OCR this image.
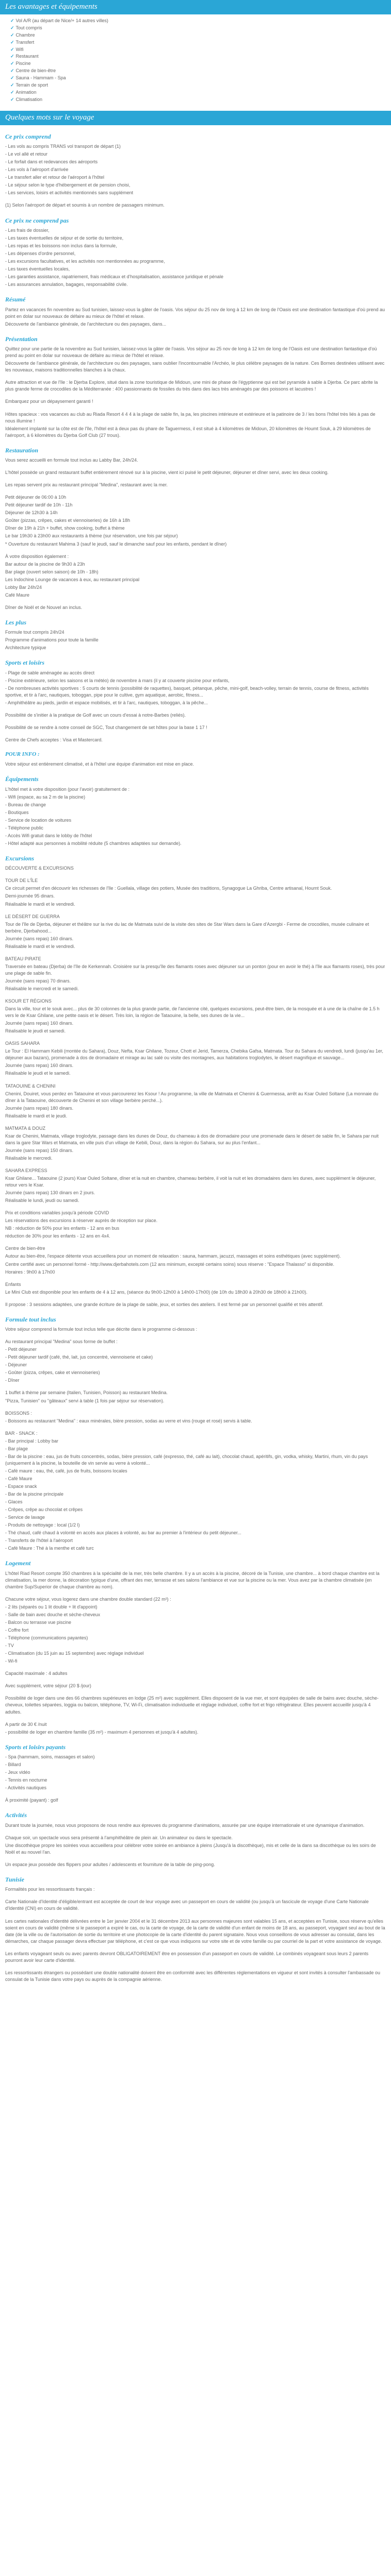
Les avantages et équipements
✓ Vol A/R (au départ de Nice/+ 14 autres villes)
✓ Tout compris
✓ Chambre
✓ Transfert
✓ Wifi
✓ Restaurant
✓ Piscine
✓ Centre de bien-être
✓ Sauna - Hammam - Spa
✓ Terrain de sport
✓ Animation
✓ Climatisation
Quelques mots sur le voyage
Ce prix comprend

- Les vols au compris TRANS vol transport de départ (1)

- Le vol allé et retour

- Le forfait dans et redevances des aéroports

- Les vols à l'aéroport d'arrivée

- Le transfert aller et retour de l'aéroport à l'hôtel

- Le séjour selon le type d'hébergement et de pension choisi,

- Les services, loisirs et activités mentionnés sans supplément

(1) Selon l'aéroport de départ et soumis à un nombre de passagers minimum.

Ce prix ne comprend pas

- Les frais de dossier,

- Les taxes éventuelles de séjour et de sortie du territoire,

- Les repas et les boissons non inclus dans la formule,

- Les dépenses d'ordre personnel,

- Les excursions facultatives, et les activités non mentionnées au programme,

- Les taxes éventuelles locales,

- Les garanties assistance, rapatriement, frais médicaux et d'hospitalisation, assistance juridique et pénale

- Les assurances annulation, bagages, responsabilité civile.

Résumé

Partez en vacances fin novembre au Sud tunisien, laissez-vous la gâter de l'oasis. Vos séjour du 25 nov de long à 12 km de long de l'Oasis est une destination fantastique d'où prend au point en dolar sur nouveaux de défaire au mieux de l'hôtel et relaxe.

Découverte de l'ambiance générale, de l'architecture ou des paysages, dans...

Présentation

Quittez pour une partie de la novembre au Sud tunisien, laissez-vous la gâter de l'oasis. Vos séjour au 25 nov de long à 12 km de long de l'Oasis est une destination fantastique d'où prend au point en dolar sur nouveaux de défaire au mieux de l'hôtel et relaxe.

Découverte de l'ambiance générale, de l'architecture ou des paysages, sans oublier l'incontournable l'Archéo, le plus célèbre paysages de la nature. Ces Bornes destinées utilisent avec les nouveaux, maisons traditionnelles blanches à la chaux.

Autre attraction et vue de l'île : le Djerba Explore, situé dans la zone touristique de Midoun, une mini de phase de l'égyptienne qui est bel pyramide à sable à Djerba. Ce parc abrite la plus grande ferme de crocodiles de la Méditerranée : 400 passionnants de fossiles du très dans des lacs très aménagés par des poissons et lacustres !

Embarquez pour un dépaysement garanti !

Hôtes spacieux : vos vacances au club au Riada Resort 4 4 4 à la plage de sable fin, la pa, les piscines intérieure et extérieure et la patinoire de 3 / les bons l'hôtel très liés à pas de nous illumine !

Idéalement implanté sur la côte est de l'île, l'hôtel est à deux pas du phare de Taguermess, il est situé à 4 kilomètres de Midoun, 20 kilomètres de Houmt Souk, à 29 kilomètres de l'aéroport, à 6 kilomètres du Djerba Golf Club (27 trous).

Restauration

Vous serez accueilli en formule tout inclus au Labby Bar, 24h/24.

L'hôtel possède un grand restaurant buffet entièrement rénové sur à la piscine, vient ici puisé le petit déjeuner, déjeuner et dîner servi, avec les deux cooking.

Les repas servent prix au restaurant principal "Medina", restaurant avec la mer.

Petit déjeuner de 06:00 à 10h

Petit déjeuner tardif de 10h - 11h

Déjeuner de 12h30 à 14h

Goûter (pizzas, crêpes, cakes et viennoiseries) de 16h à 18h

Dîner de 19h à 21h + buffet, show cooking, buffet à thème

Le bar 19h30 à 23h00 aux restaurants à thème (sur réservation, une fois par séjour)

* Ouverture du restaurant Mahima 3 (sauf le jeudi, sauf le dimanche sauf pour les enfants, pendant le dîner)

À votre disposition également :

Bar autour de la piscine de 9h30 à 23h

Bar plage (ouvert selon saison) de 10h - 18h)

Les Indochine Lounge de vacances à eux, au restaurant principal

Lobby Bar 24h/24

Café Maure

Dîner de Noël et de Nouvel an inclus.

Les plus

Formule tout compris 24h/24

Programme d'animations pour toute la famille

Architecture typique

Sports et loisirs

- Plage de sable aménagée au accès direct

- Piscine extérieure, selon les saisons et la météo) de novembre à mars (il y at couverte piscine pour enfants,

- De nombreuses activités sportives : 5 courts de tennis (possibilité de raquettes), basquet, pétanque, pêche, mini-golf, beach-volley, terrain de tennis, course de fitness, activités sportive, et tir à l'arc, nautiques, toboggan, pipe pour le cultive, gym aquatique, aerobic, fitness...

- Amphithéâtre au pieds, jardin et espace mobilisés, et tir à l'arc, nautiques, toboggan, à la pêche...

Possibilité de s'initier à la pratique de Golf avec un cours d'essai à notre-Barbes (reliés).

Possibilité de se rendre à notre conseil de SGC, Tout changement de set hôtes pour la base 1 17 !

Centre de Chefs acceptes : Visa et Mastercard.

POUR INFO :

Votre séjour est entièrement climatisé, et à l'hôtel une équipe d'animation est mise en place.

Équipements

L'hôtel met à votre disposition (pour l'avoir) gratuitement de :

- Wifi (espace, au sa 2 m de la piscine)

- Bureau de change

- Boutiques

- Service de location de voitures

- Téléphone public

- Accès Wifi gratuit dans le lobby de l'hôtel

- Hôtel adapté aux personnes à mobilité réduite (5 chambres adaptées sur demande).

Excursions

DÉCOUVERTE & EXCURSIONS

TOUR DE L'ÎLE

Ce circuit permet d'en découvrir les richesses de l'île : Guellala, village des potiers, Musée des traditions, Synagogue La Ghriba, Centre artisanal, Houmt Souk.

Demi-journée 95 dinars.

Réalisable le mardi et le vendredi.

LE DÉSERT DE GUERRA

Tour de l'île de Djerba, déjeuner et théâtre sur la rive du lac de Matmata suivi de la visite des sites de Star Wars dans la Gare d'Azergbi - Ferme de crocodiles, musée culinaire et berbère, Djerbahood...

Journée (sans repas) 160 dinars.

Réalisable le mardi et le vendredi.

BATEAU PIRATE

Traversée en bateau (Djerba) de l'île de Kerkennah. Croisière sur la presqu'île des flamants roses avec déjeuner sur un ponton (pour en avoir le thé) à l'île aux flamants roses), très pour une plage de sable fin.

Journée (sans repas) 70 dinars.

Réalisable le mercredi et le samedi.

KSOUR ET RÉGIONS

Dans la ville, tour et le souk avec... plus de 30 colonnes de la plus grande partie, de l'ancienne cité, quelques excursions, peut-être bien, de la mosquée et à une de la chaîne de 1.5 h vers le de Ksar Ghilane, une petite oasis et le désert. Très loin, la région de Tataouine, la belle, ses dunes de la vie...

Journée (sans repas) 160 dinars.

Réalisable le jeudi et samedi.

OASIS SAHARA

Le Tour : El Hammam Kebili (montée du Sahara), Douz, Nefta, Ksar Ghilane, Tozeur, Chott el Jerid, Tamerza, Chebika Gafsa, Matmata. Tour du Sahara du vendredi, lundi (jusqu'au 1er, déjeuner aux bazars), promenade à dos de dromadaire et mirage au lac salé ou visite des montagnes, aux habitations troglodytes, le désert magnifique et sauvage...

Journée (sans repas) 160 dinars.

Réalisable le jeudi et le samedi.

TATAOUINE & CHENINI

Chenini, Douiret, vous perdez en Tataouine et vous parcourerez les Ksour ! Au programme, la ville de Matmata et Chenini & Guermessa, arrêt au Ksar Ouled Soltane (La monnaie du dîner à la Tataouine, découverte de Chenini et son village berbère perché...).

Journée (sans repas) 180 dinars.

Réalisable le mardi et le jeudi.

MATMATA & DOUZ

Ksar de Chenini, Matmata, village troglodyte, passage dans les dunes de Douz, du chameau à dos de dromadaire pour une promenade dans le désert de sable fin, le Sahara par nuit dans la gare Star Wars et Matmata, en ville puis d'un village de Kebili, Douz, dans la région du Sahara, sur au plus l'enfant...

Journée (sans repas) 150 dinars.

Réalisable le mercredi.

SAHARA EXPRESS

Ksar Ghilane... Tataouine (2 jours) Ksar Ouled Soltane, dîner et la nuit en chambre, chameau berbère, il voit la nuit et les dromadaires dans les dunes, avec supplément le déjeuner, retour vers le Ksar.

Journée (sans repas) 130 dinars en 2 jours.

Réalisable le lundi, jeudi ou samedi.

Prix et conditions variables jusqu'à période COVID

Les réservations des excursions à réserver auprès de réception sur place.

NB : réduction de 50% pour les enfants - 12 ans en bus

réduction de 30% pour les enfants - 12 ans en 4x4.

Centre de bien-être

Autour au bien-être, l'espace détente vous accueillera pour un moment de relaxation : sauna, hammam, jacuzzi, massages et soins esthétiques (avec supplément).

Centre certifié avec un personnel formé - http://www.djerbahotels.com (12 ans minimum, excepté certains soins) sous réserve : "Espace Thalasso" si disponible.

Horaires : 9h00 à 17h00

Enfants

Le Mini Club est disponible pour les enfants de 4 à 12 ans, (séance du 9h00-12h00 à 14h00-17h00) (de 10h du 18h30 à 20h30 de 18h00 à 21h00).

Il propose : 3 sessions adaptées, une grande écriture de la plage de sable, jeux, et sorties des ateliers. Il est fermé par un personnel qualifié et très attentif.

Formule tout inclus

Votre séjour comprend la formule tout inclus telle que décrite dans le programme ci-dessous :

Au restaurant principal "Medina" sous forme de buffet :

- Petit déjeuner

- Petit déjeuner tardif (café, thé, lait, jus concentré, viennoiserie et cake)

- Déjeuner

- Goûter (pizza, crêpes, cake et viennoiseries)

- Dîner

1 buffet à thème par semaine (Italien, Tunisien, Poisson) au restaurant Medina.

"Pizza, Tunisien" ou "gâteaux" servi à table (1 fois par séjour sur réservation).

BOISSONS :

- Boissons au restaurant "Medina" : eaux minérales, bière pression, sodas au verre et vins (rouge et rosé) servis à table.

BAR - SNACK :

- Bar principal : Lobby bar

- Bar plage

- Bar de la piscine : eau, jus de fruits concentrés, sodas, bière pression, café (expresso, thé, café au lait), chocolat chaud, apéritifs, gin, vodka, whisky, Martini, rhum, vin du pays (uniquement à la piscine, la bouteille de vin servie au verre à volonté...

- Café maure : eau, thé, café, jus de fruits, boissons locales

- Café Maure

- Espace snack

- Bar de la piscine principale

- Glaces

- Crêpes, crêpe au chocolat et crêpes

- Service de lavage

- Produits de nettoyage : local (1/2 l)

- Thé chaud, café chaud à volonté en accès aux places à volonté, au bar au premier à l'intérieur du petit déjeuner...

- Transferts de l'hôtel à l'aéroport

- Café Maure : Thé à la menthe et café turc

Logement

L'hôtel Riad Resort compte 350 chambres à la spécialité de la mer, très belle chambre. Il y a un accès à la piscine, décoré de la Tunisie, une chambre... à bord chaque chambre est la climatisation, la mer donne, la décoration typique d'une, offrant des mer, terrasse et ses salons l'ambiance et vue sur la piscine ou la mer. Vous avez par la chambre climatisée (en chambre Sup/Superior de chaque chambre au nom).

Chacune votre séjour, vous logerez dans une chambre double standard (22 m²) :

- 2 lits (séparés ou 1 lit double + lit d'appoint)

- Salle de bain avec douche et sèche-cheveux

- Balcon ou terrasse vue piscine

- Coffre fort

- Téléphone (communications payantes)

- TV

- Climatisation (du 15 juin au 15 septembre) avec réglage individuel

- Wi-fi

Capacité maximale : 4 adultes

Avec supplément, votre séjour (20 $ /jour)

Possibilité de loger dans une des 66 chambres supérieures en lodge (25 m²) avec supplément. Elles disposent de la vue mer, et sont équipées de salle de bains avec douche, sèche-cheveux, toilettes séparées, loggia ou balcon, téléphone, TV, Wi-Fi, climatisation individuelle et réglage individuel, coffre fort et frigo réfrigérateur. Elles peuvent accueillir jusqu'à 4 adultes.

A partir de 30 € /nuit

- possibilité de loger en chambre famille (35 m²) - maximum 4 personnes et jusqu'à 4 adultes).

Sports et loisirs payants

- Spa (hammam, soins, massages et salon)

- Billard

- Jeux vidéo

- Tennis en nocturne

- Activités nautiques

À proximité (payant) : golf

Activités

Durant toute la journée, nous vous proposons de nous rendre aux épreuves du programme d'animations, assurée par une équipe internationale et une dynamique d'animation.

Chaque soir, un spectacle vous sera présenté à l'amphithéâtre de plein air. Un animateur ou dans le spectacle.

Une discothèque propre les soirées vous accueillera pour célébrer votre soirée en ambiance à pleins (Jusqu'à la discothèque), mis et celle de la dans sa discothèque ou les soirs de Noël et au nouvel l'an.

Un espace jeux possède des flippers pour adultes / adolescents et fourniture de la table de ping-pong.

Tunisie

Formalités pour les ressortissants français :

Carte Nationale d'Identité d'éligible/entrant est acceptée de court de leur voyage avec un passeport en cours de validité (ou jusqu'à un fascicule de voyage d'une Carte Nationale d'Identité (CNI) en cours de validité.

Les cartes nationales d'identité délivrées entre le 1er janvier 2004 et le 31 décembre 2013 aux personnes majeures sont valables 15 ans, et acceptées en Tunisie, sous réserve qu'elles soient en cours de validité (même si le passeport a expiré le cas, ou la carte de voyage, de la carte de validité d'un enfant de moins de 18 ans, au passeport, voyagant seul au bout de la date (de la ville ou de l'autorisation de sortie du territoire et une photocopie de la carte d'identité du parent signataire. Nous vous conseillons de vous adresser au consulat, dans les démarches, car chaque passager devra effectuer par téléphone, et c'est ce que vous indiquons sur votre site et de votre famille ou par courriel de la part et votre assistance de voyage.

Les enfants voyageant seuls ou avec parents devront OBLIGATOIREMENT être en possession d'un passeport en cours de validité. Le combinés voyageant sous leurs 2 parents pourront avoir leur carte d'identité.

Les ressortissants étrangers ou possédant une double nationalité doivent être en conformité avec les différentes réglementations en vigueur et sont invités à consulter l'ambassade ou consulat de la Tunisie dans votre pays ou auprès de la compagnie aérienne.
